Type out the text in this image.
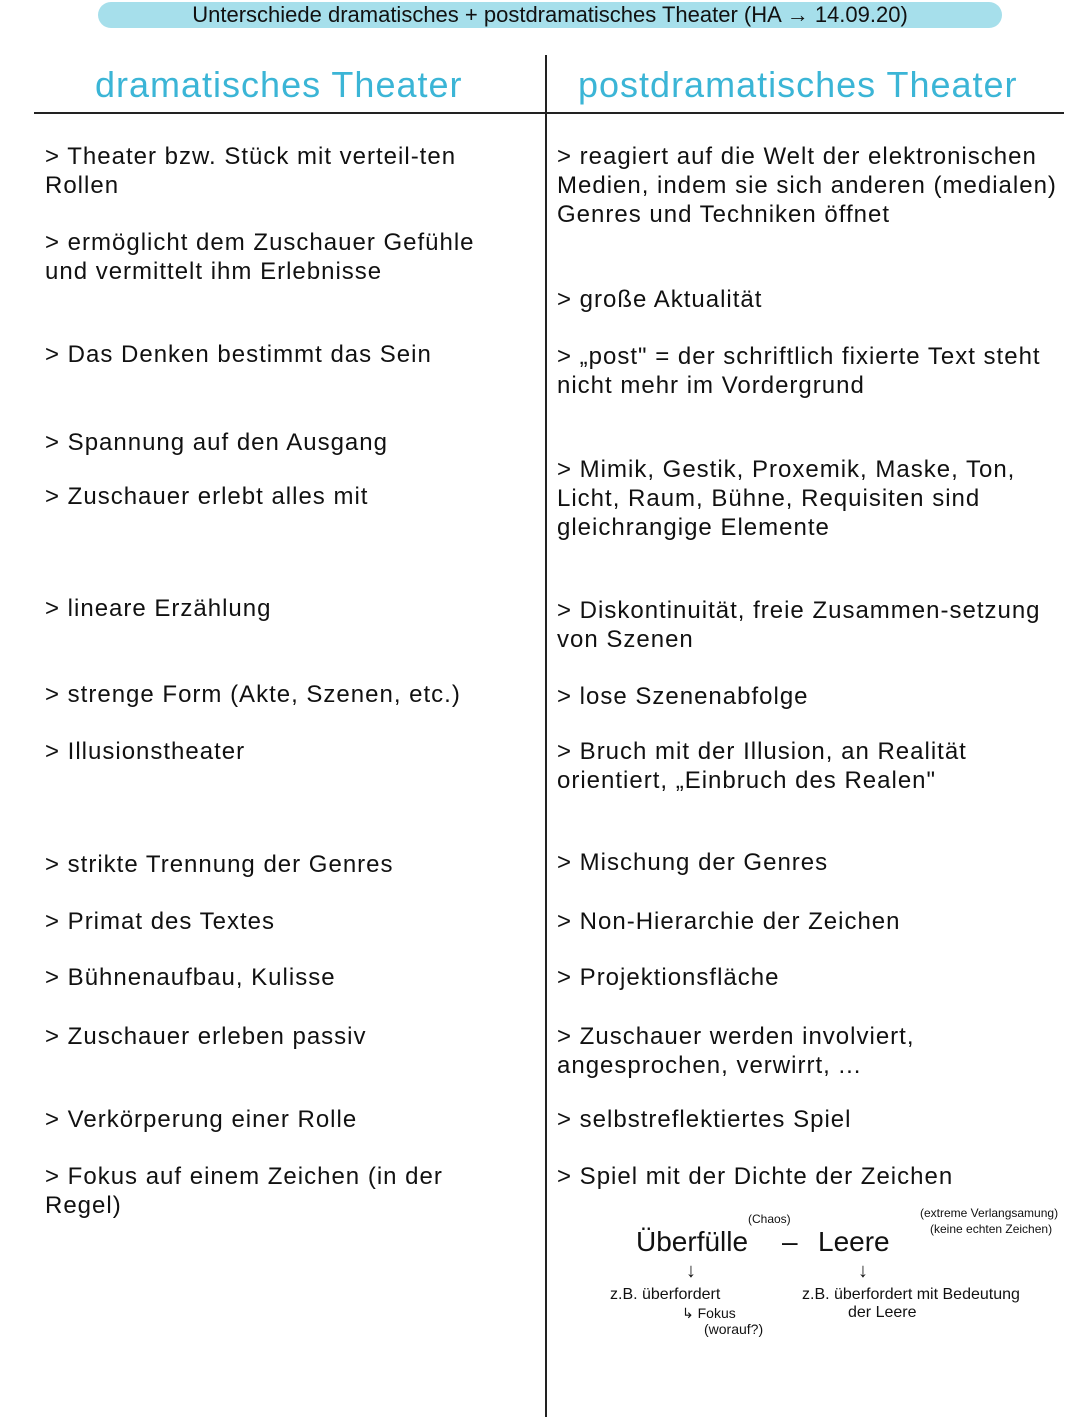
Unterschiede dramatisches + postdramatisches Theater (HA → 14.09.20)
dramatisches Theater	postdramatisches Theater
> Theater bzw. Stück mit verteil-ten Rollen
> ermöglicht dem Zuschauer Gefühle und vermittelt ihm Erlebnisse
> Das Denken bestimmt das Sein
> Spannung auf den Ausgang
> Zuschauer erlebt alles mit
> lineare Erzählung
> strenge Form (Akte, Szenen, etc.)
> Illusionstheater
> strikte Trennung der Genres
> Primat des Textes
> Bühnenaufbau, Kulisse
> Zuschauer erleben passiv
> Verkörperung einer Rolle
> Fokus auf einem Zeichen (in der Regel)
> reagiert auf die Welt der elektronischen Medien, indem sie sich anderen (medialen) Genres und Techniken öffnet
> große Aktualität
> „post" = der schriftlich fixierte Text steht nicht mehr im Vordergrund
> Mimik, Gestik, Proxemik, Maske, Ton, Licht, Raum, Bühne, Requisiten sind gleichrangige Elemente
> Diskontinuität, freie Zusammen-setzung von Szenen
> lose Szenenabfolge
> Bruch mit der Illusion, an Realität orientiert, „Einbruch des Realen"
> Mischung der Genres
> Non-Hierarchie der Zeichen
> Projektionsfläche
> Zuschauer werden involviert, angesprochen, verwirrt, ...
> selbstreflektiertes Spiel
> Spiel mit der Dichte der Zeichen
(Chaos)
Überfülle – Leere
(extreme Verlangsamung)
(keine echten Zeichen)
↓	↓
z.B. überfordert
↳ Fokus
(worauf?)
z.B. überfordert mit Bedeutung
der Leere
